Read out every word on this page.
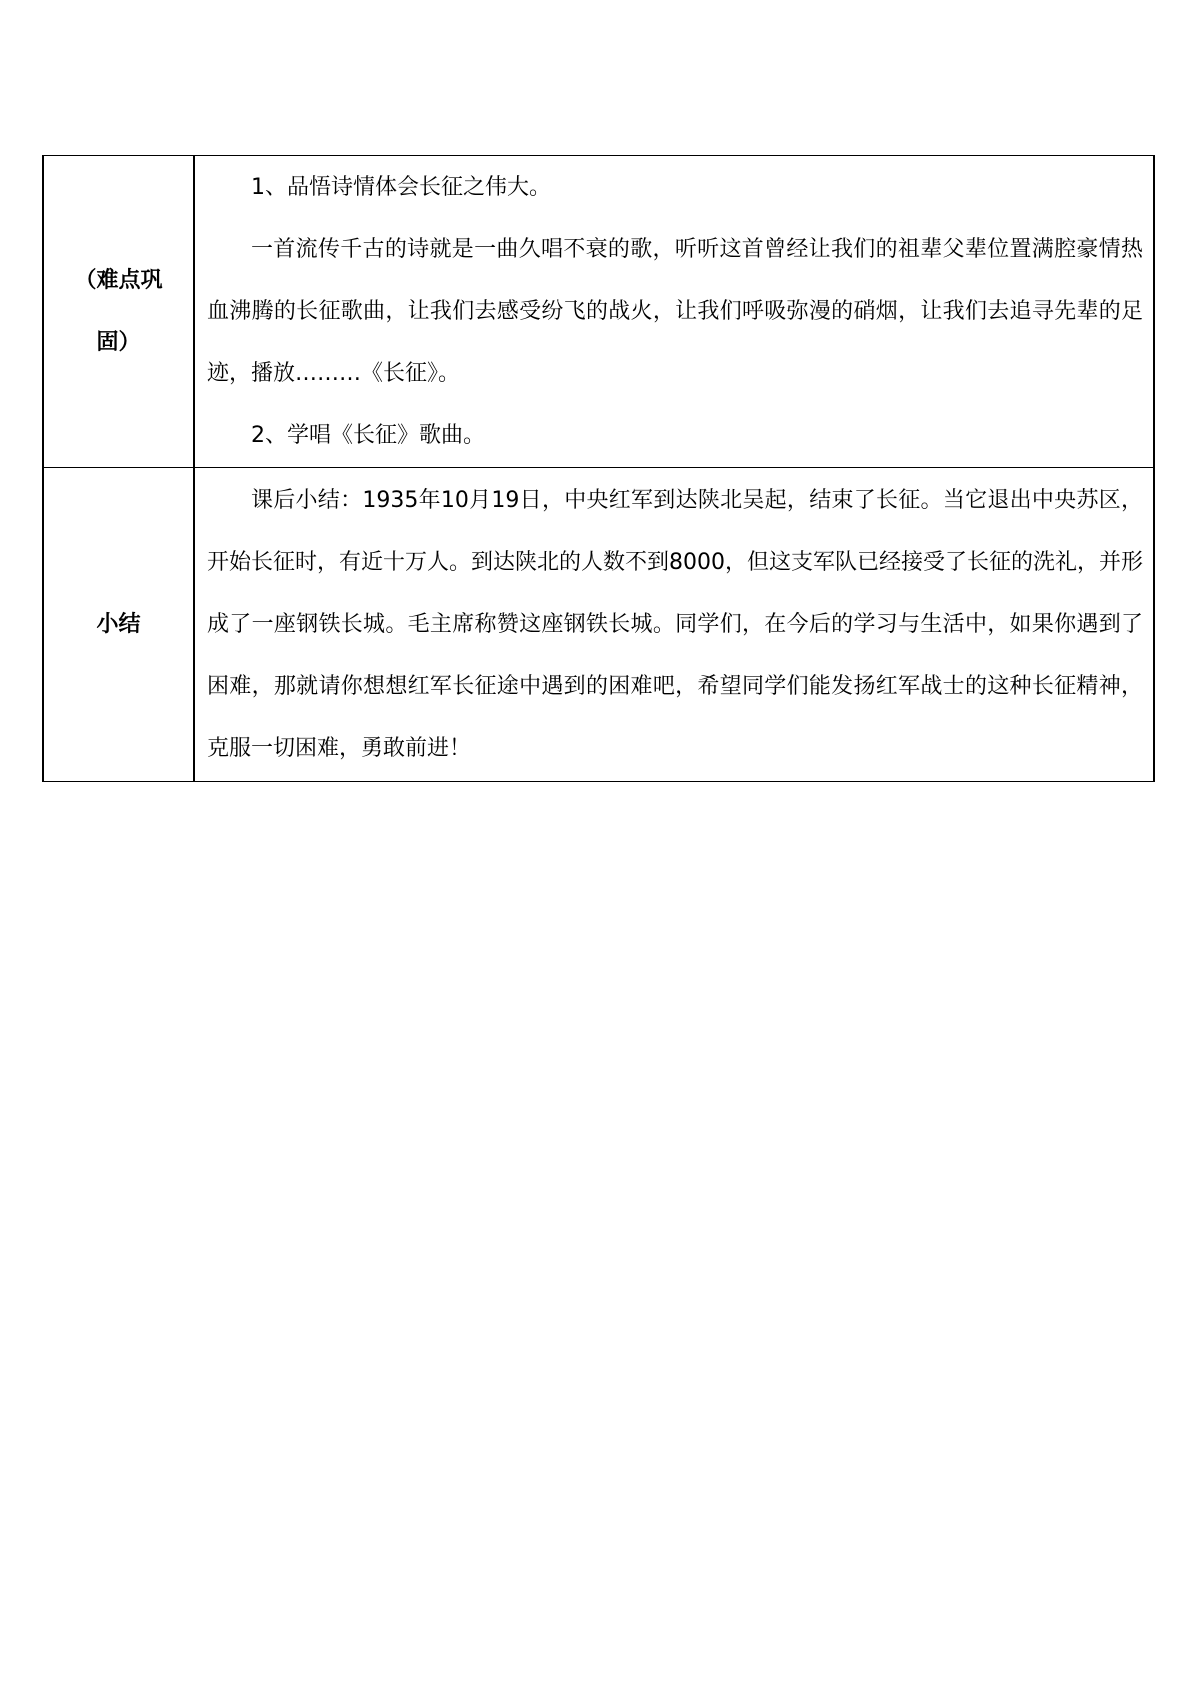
（难点巩固）	1、品悟诗情体会长征之伟大。

一首流传千古的诗就是一曲久唱不衰的歌，听听这首曾经让我们的祖辈父辈位置满腔豪情热血沸腾的长征歌曲，让我们去感受纷飞的战火，让我们呼吸弥漫的硝烟，让我们去追寻先辈的足迹，播放………《长征》。

2、学唱《长征》歌曲。

小结	课后小结：1935年10月19日，中央红军到达陕北吴起，结束了长征。当它退出中央苏区，开始长征时，有近十万人。到达陕北的人数不到8000，但这支军队已经接受了长征的洗礼，并形成了一座钢铁长城。毛主席称赞这座钢铁长城。同学们，在今后的学习与生活中，如果你遇到了困难，那就请你想想红军长征途中遇到的困难吧，希望同学们能发扬红军战士的这种长征精神，克服一切困难，勇敢前进！
